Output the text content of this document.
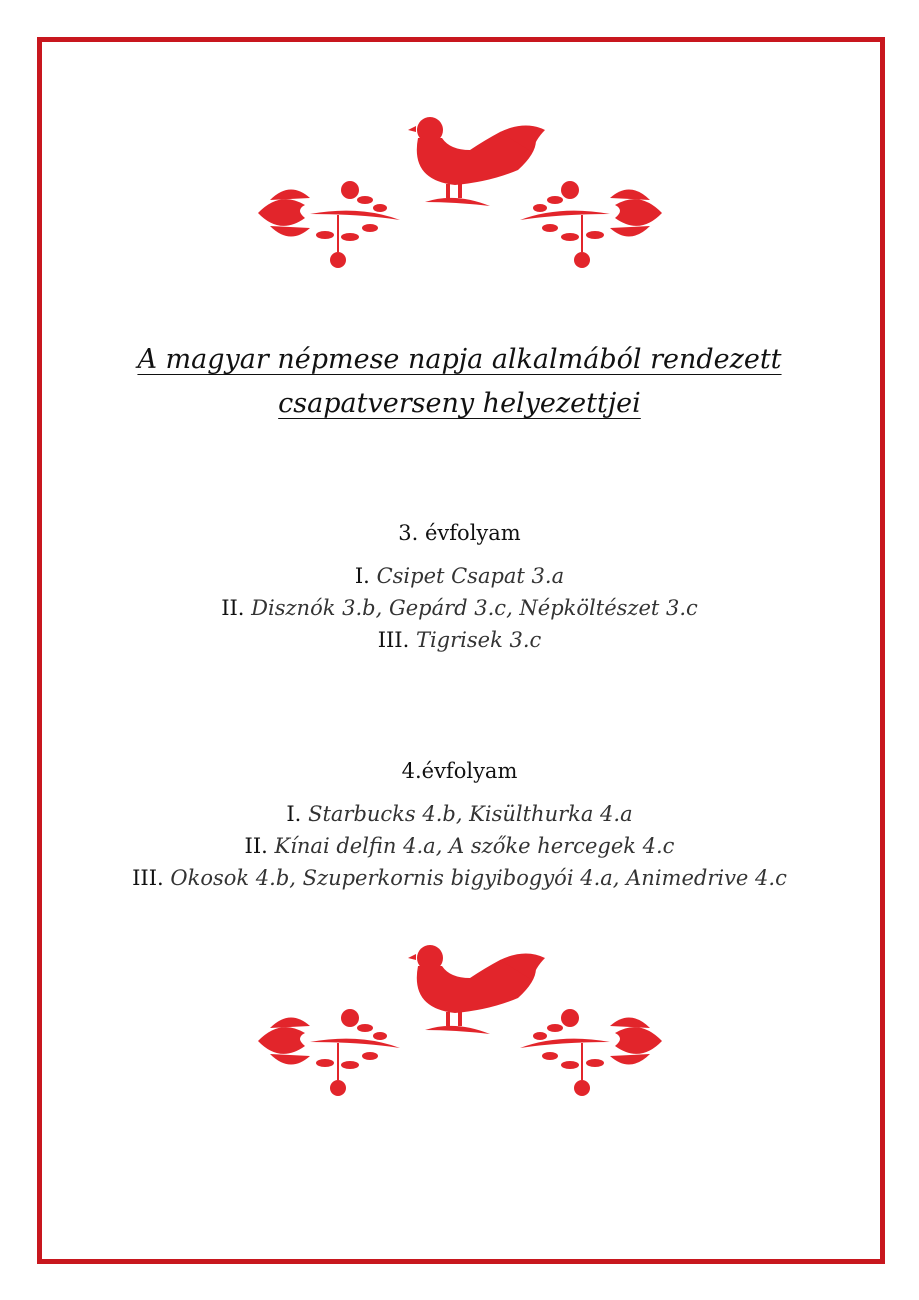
A magyar népmese napja alkalmából rendezett
csapatverseny helyezettjei
3. évfolyam
I. Csipet Csapat 3.a
II. Disznók 3.b, Gepárd 3.c, Népköltészet 3.c
III. Tigrisek 3.c
4.évfolyam
I. Starbucks 4.b, Kisülthurka 4.a
II. Kínai delfin 4.a, A szőke hercegek 4.c
III. Okosok 4.b, Szuperkornis bigyibogyói 4.a, Animedrive 4.c
